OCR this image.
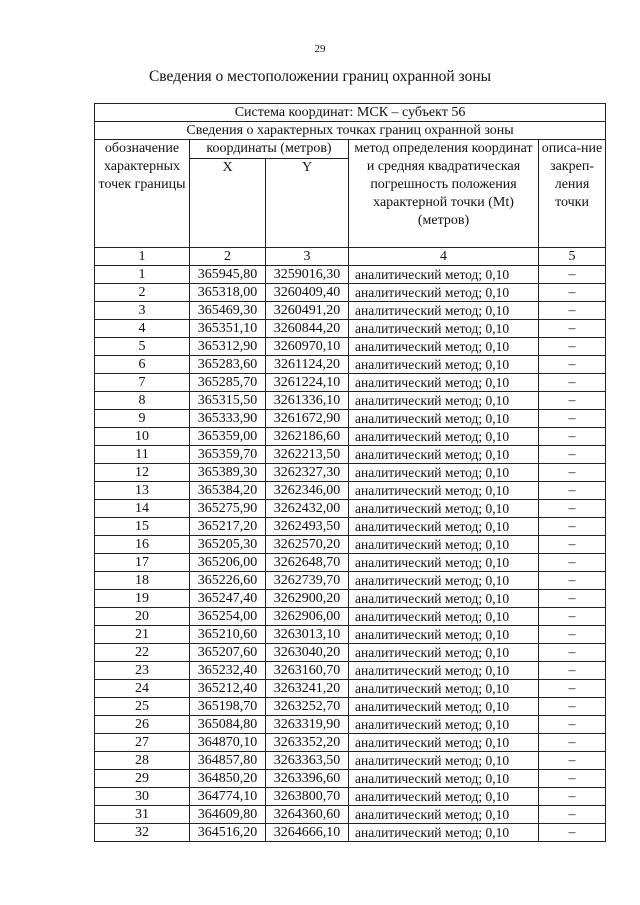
29
Сведения о местоположении границ охранной зоны
Система координат: МСК – субъект 56				
Сведения о характерных точках границ охранной зоны				
обозначение характерных точек границы	координаты (метров)		метод определения координат и средняя квадратическая погрешность положения характерной точки (Mt) (метров)	описа-ние закреп-ления точки
	X	Y		
1	2	3	4	5
1	365945,80	3259016,30	аналитический метод; 0,10	–
2	365318,00	3260409,40	аналитический метод; 0,10	–
3	365469,30	3260491,20	аналитический метод; 0,10	–
4	365351,10	3260844,20	аналитический метод; 0,10	–
5	365312,90	3260970,10	аналитический метод; 0,10	–
6	365283,60	3261124,20	аналитический метод; 0,10	–
7	365285,70	3261224,10	аналитический метод; 0,10	–
8	365315,50	3261336,10	аналитический метод; 0,10	–
9	365333,90	3261672,90	аналитический метод; 0,10	–
10	365359,00	3262186,60	аналитический метод; 0,10	–
11	365359,70	3262213,50	аналитический метод; 0,10	–
12	365389,30	3262327,30	аналитический метод; 0,10	–
13	365384,20	3262346,00	аналитический метод; 0,10	–
14	365275,90	3262432,00	аналитический метод; 0,10	–
15	365217,20	3262493,50	аналитический метод; 0,10	–
16	365205,30	3262570,20	аналитический метод; 0,10	–
17	365206,00	3262648,70	аналитический метод; 0,10	–
18	365226,60	3262739,70	аналитический метод; 0,10	–
19	365247,40	3262900,20	аналитический метод; 0,10	–
20	365254,00	3262906,00	аналитический метод; 0,10	–
21	365210,60	3263013,10	аналитический метод; 0,10	–
22	365207,60	3263040,20	аналитический метод; 0,10	–
23	365232,40	3263160,70	аналитический метод; 0,10	–
24	365212,40	3263241,20	аналитический метод; 0,10	–
25	365198,70	3263252,70	аналитический метод; 0,10	–
26	365084,80	3263319,90	аналитический метод; 0,10	–
27	364870,10	3263352,20	аналитический метод; 0,10	–
28	364857,80	3263363,50	аналитический метод; 0,10	–
29	364850,20	3263396,60	аналитический метод; 0,10	–
30	364774,10	3263800,70	аналитический метод; 0,10	–
31	364609,80	3264360,60	аналитический метод; 0,10	–
32	364516,20	3264666,10	аналитический метод; 0,10	–
